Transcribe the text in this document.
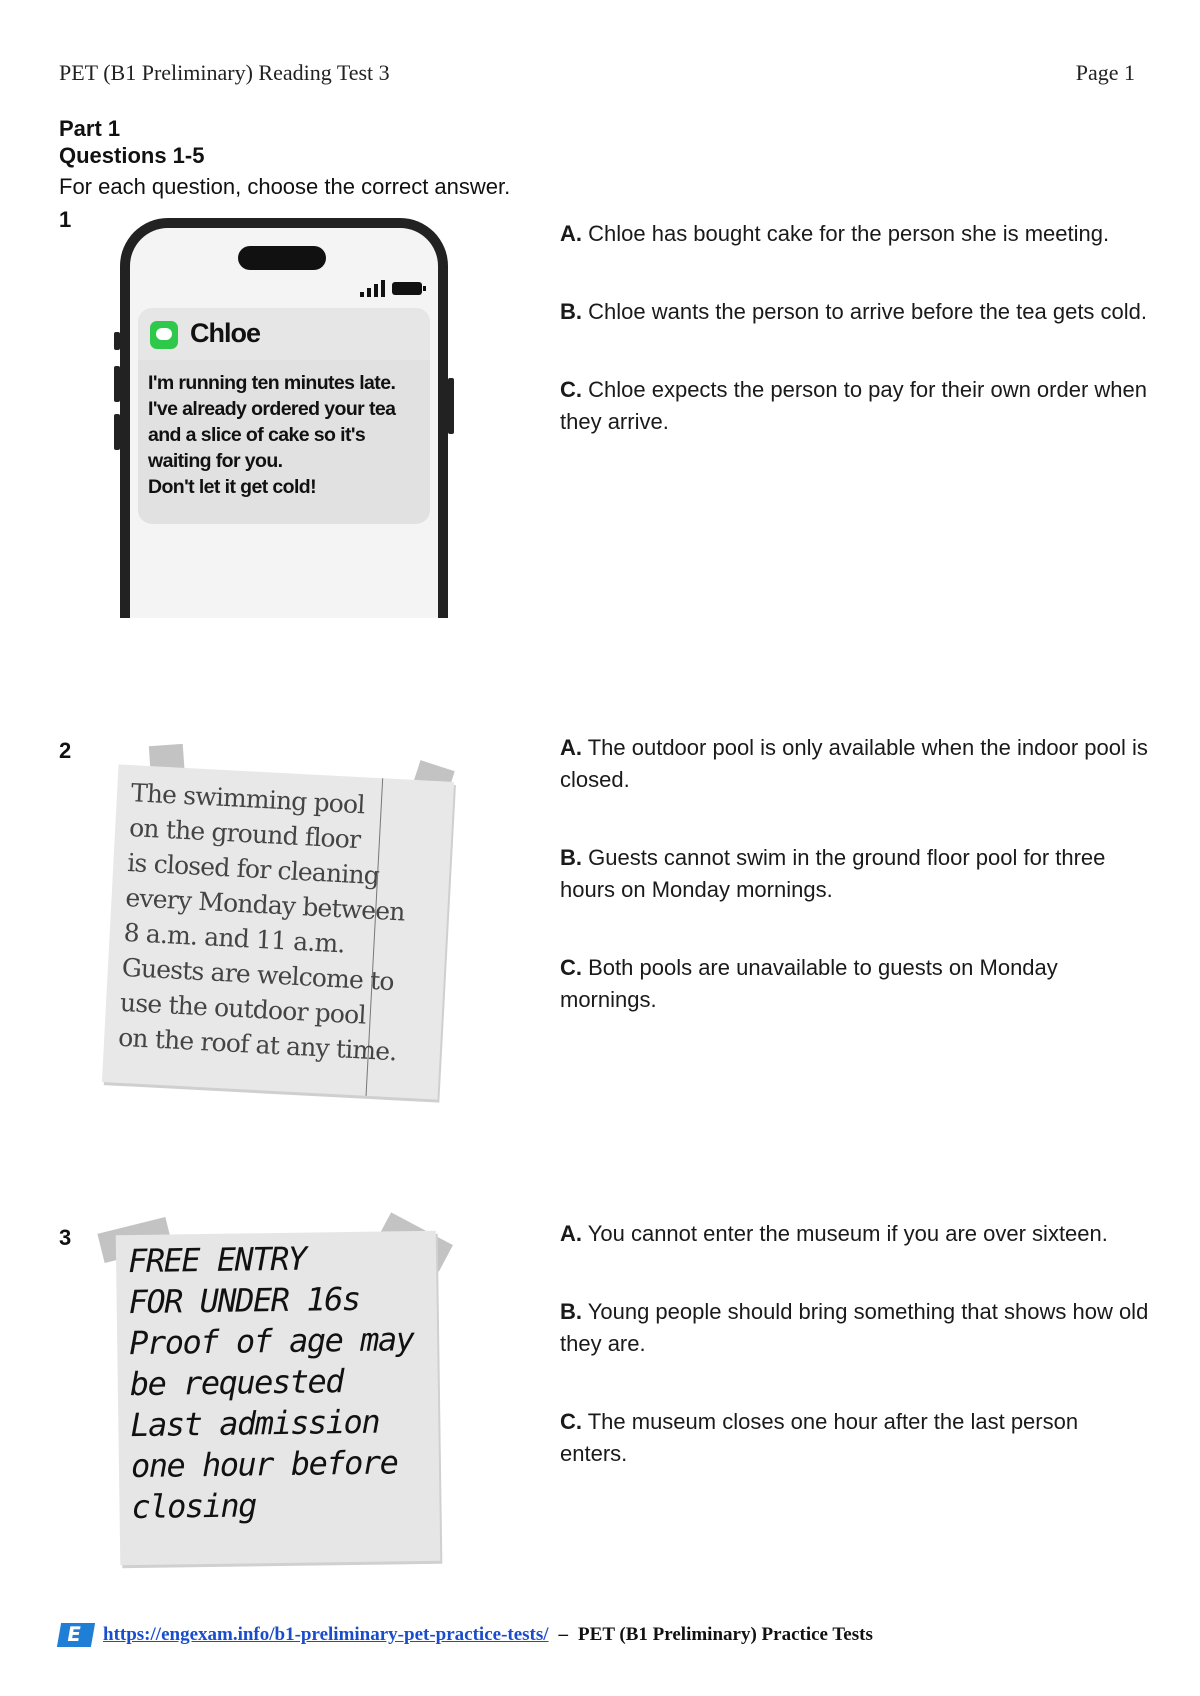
PET (B1 Preliminary) Reading Test 3	Page 1
Part 1
Questions 1-5
For each question, choose the correct answer.
1
Chloe
I'm running ten minutes late.
I've already ordered your tea
and a slice of cake so it's
waiting for you.
Don't let it get cold!
A. Chloe has bought cake for the person she is meeting.
B. Chloe wants the person to arrive before the tea gets cold.
C. Chloe expects the person to pay for their own order when they arrive.
2
The swimming pool
on the ground floor
is closed for cleaning
every Monday between
8 a.m. and 11 a.m.
Guests are welcome to
use the outdoor pool
on the roof at any time.
A. The outdoor pool is only available when the indoor pool is closed.
B. Guests cannot swim in the ground floor pool for three hours on Monday mornings.
C. Both pools are unavailable to guests on Monday mornings.
3
FREE ENTRY
FOR UNDER 16s
Proof of age may
be requested
Last admission
one hour before
closing
A. You cannot enter the museum if you are over sixteen.
B. Young people should bring something that shows how old they are.
C. The museum closes one hour after the last person enters.
E
https://engexam.info/b1-preliminary-pet-practice-tests/ – PET (B1 Preliminary) Practice Tests
